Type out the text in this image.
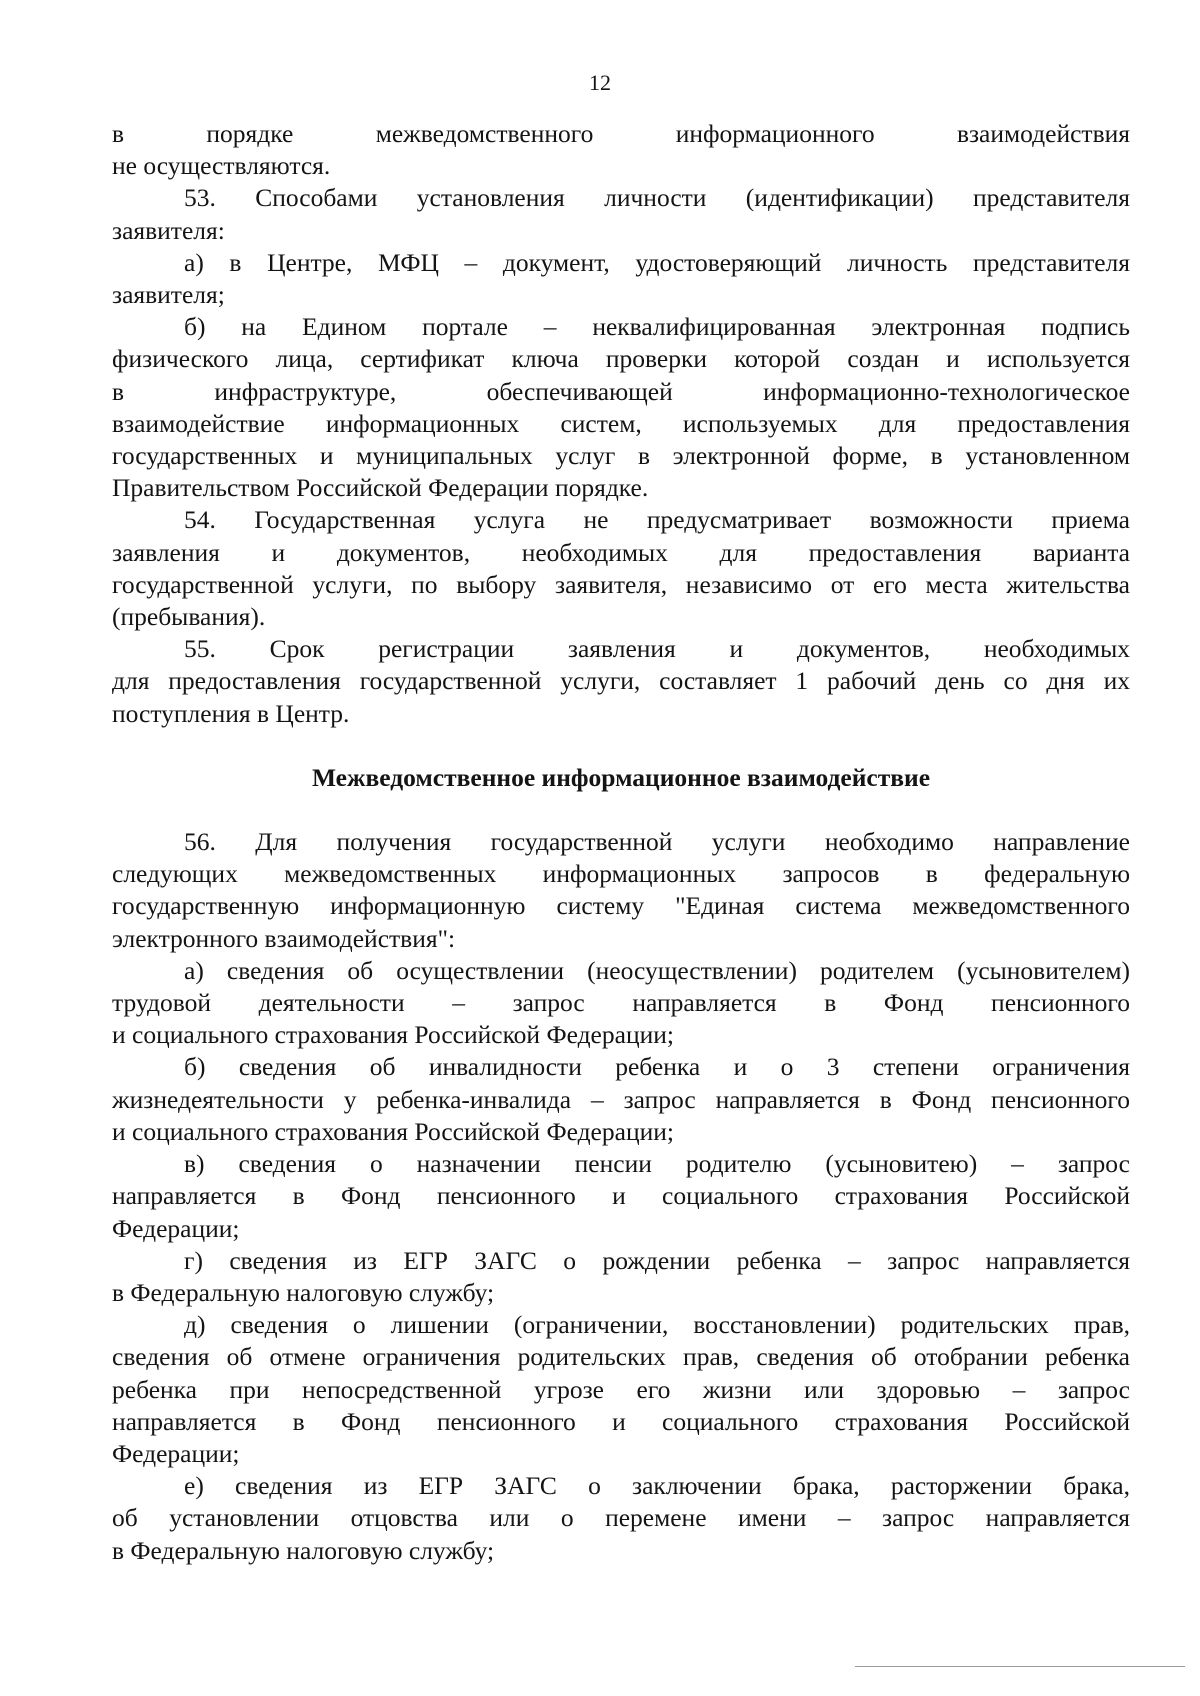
12
в порядке межведомственного информационного взаимодействия
не осуществляются.
53. Способами установления личности (идентификации) представителя
заявителя:
а) в Центре, МФЦ – документ, удостоверяющий личность представителя
заявителя;
б) на Едином портале – неквалифицированная электронная подпись
физического лица, сертификат ключа проверки которой создан и используется
в инфраструктуре, обеспечивающей информационно-технологическое
взаимодействие информационных систем, используемых для предоставления
государственных и муниципальных услуг в электронной форме, в установленном
Правительством Российской Федерации порядке.
54. Государственная услуга не предусматривает возможности приема
заявления и документов, необходимых для предоставления варианта
государственной услуги, по выбору заявителя, независимо от его места жительства
(пребывания).
55. Срок регистрации заявления и документов, необходимых
для предоставления государственной услуги, составляет 1 рабочий день со дня их
поступления в Центр.
Межведомственное информационное взаимодействие
56. Для получения государственной услуги необходимо направление
следующих межведомственных информационных запросов в федеральную
государственную информационную систему "Единая система межведомственного
электронного взаимодействия":
а) сведения об осуществлении (неосуществлении) родителем (усыновителем)
трудовой деятельности – запрос направляется в Фонд пенсионного
и социального страхования Российской Федерации;
б) сведения об инвалидности ребенка и о 3 степени ограничения
жизнедеятельности у ребенка-инвалида – запрос направляется в Фонд пенсионного
и социального страхования Российской Федерации;
в) сведения о назначении пенсии родителю (усыновитею) – запрос
направляется в Фонд пенсионного и социального страхования Российской
Федерации;
г) сведения из ЕГР ЗАГС о рождении ребенка – запрос направляется
в Федеральную налоговую службу;
д) сведения о лишении (ограничении, восстановлении) родительских прав,
сведения об отмене ограничения родительских прав, сведения об отобрании ребенка
ребенка при непосредственной угрозе его жизни или здоровью – запрос
направляется в Фонд пенсионного и социального страхования Российской
Федерации;
е) сведения из ЕГР ЗАГС о заключении брака, расторжении брака,
об установлении отцовства или о перемене имени – запрос направляется
в Федеральную налоговую службу;
